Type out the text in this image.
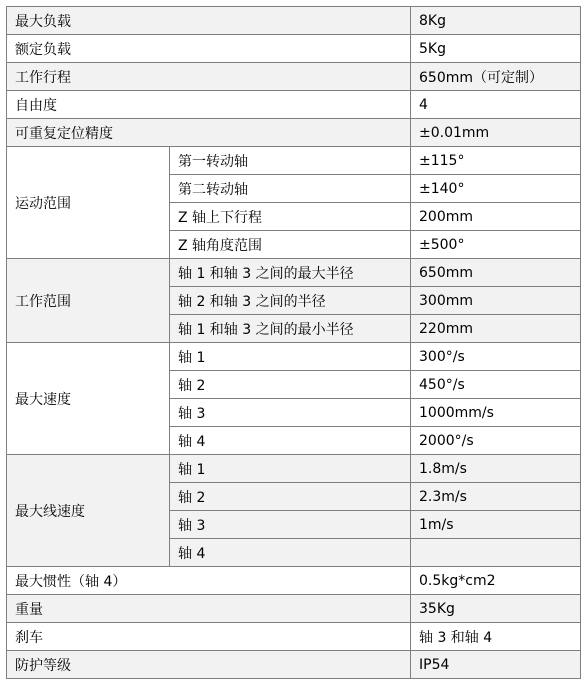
最大负载		8Kg
额定负载		5Kg
工作行程		650mm（可定制）
自由度		4
可重复定位精度		±0.01mm
运动范围	第一转动轴	±115°
	第二转动轴	±140°
	Z 轴上下行程	200mm
	Z 轴角度范围	±500°
工作范围	轴 1 和轴 3 之间的最大半径	650mm
	轴 2 和轴 3 之间的半径	300mm
	轴 1 和轴 3 之间的最小半径	220mm
最大速度	轴 1	300°/s
	轴 2	450°/s
	轴 3	1000mm/s
	轴 4	2000°/s
最大线速度	轴 1	1.8m/s
	轴 2	2.3m/s
	轴 3	1m/s
	轴 4	
最大惯性（轴 4）		0.5kg*cm2
重量		35Kg
刹车		轴 3 和轴 4
防护等级		IP54
